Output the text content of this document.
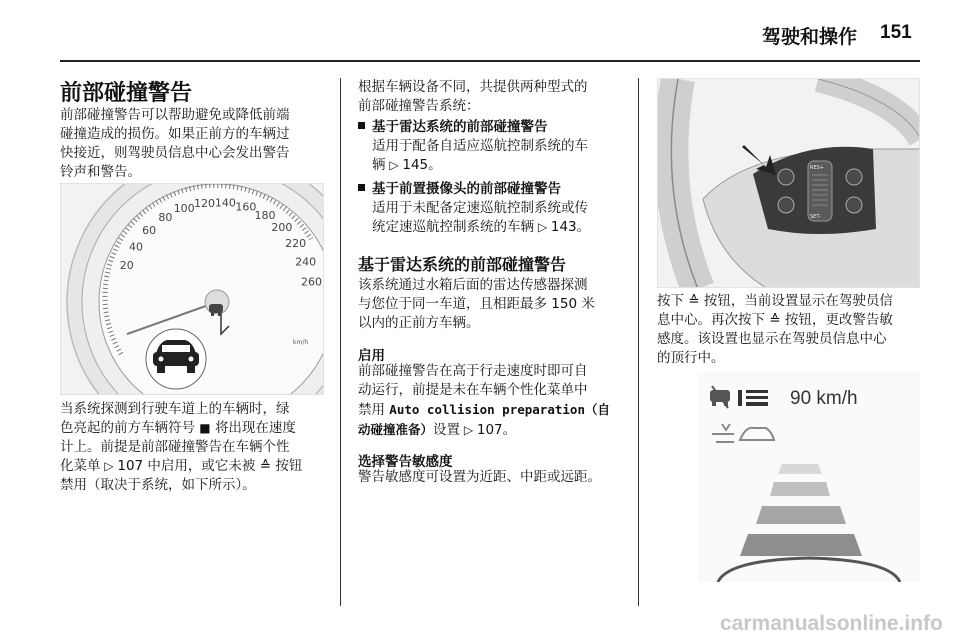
驾驶和操作 151
前部碰撞警告
前部碰撞警告可以帮助避免或降低前端
碰撞造成的损伤。如果正前方的车辆过
快接近，则驾驶员信息中心会发出警告
铃声和警告。
20
40
60
80
100 120 140 160
180
200
220
240
260
km/h
当系统探测到行驶车道上的车辆时，绿
色亮起的前方车辆符号 ■ 将出现在速度
计上。前提是前部碰撞警告在车辆个性
化菜单 ▷ 107 中启用，或它未被 ≙ 按钮
禁用（取决于系统，如下所示）。
根据车辆设备不同，共提供两种型式的
前部碰撞警告系统：
基于雷达系统的前部碰撞警告
适用于配备自适应巡航控制系统的车
辆 ▷ 145。
基于前置摄像头的前部碰撞警告
适用于未配备定速巡航控制系统或传
统定速巡航控制系统的车辆 ▷ 143。
基于雷达系统的前部碰撞警告
该系统通过水箱后面的雷达传感器探测
与您位于同一车道，且相距最多 150 米
以内的正前方车辆。
启用
前部碰撞警告在高于行走速度时即可自
动运行，前提是未在车辆个性化菜单中
禁用 Auto collision preparation（自
动碰撞准备）设置 ▷ 107。
选择警告敏感度
警告敏感度可设置为近距、中距或远距。
RES+
SET-
按下 ≙ 按钮，当前设置显示在驾驶员信
息中心。再次按下 ≙ 按钮，更改警告敏
感度。该设置也显示在驾驶员信息中心
的顶行中。
90 km/h
carmanualsonline.info
